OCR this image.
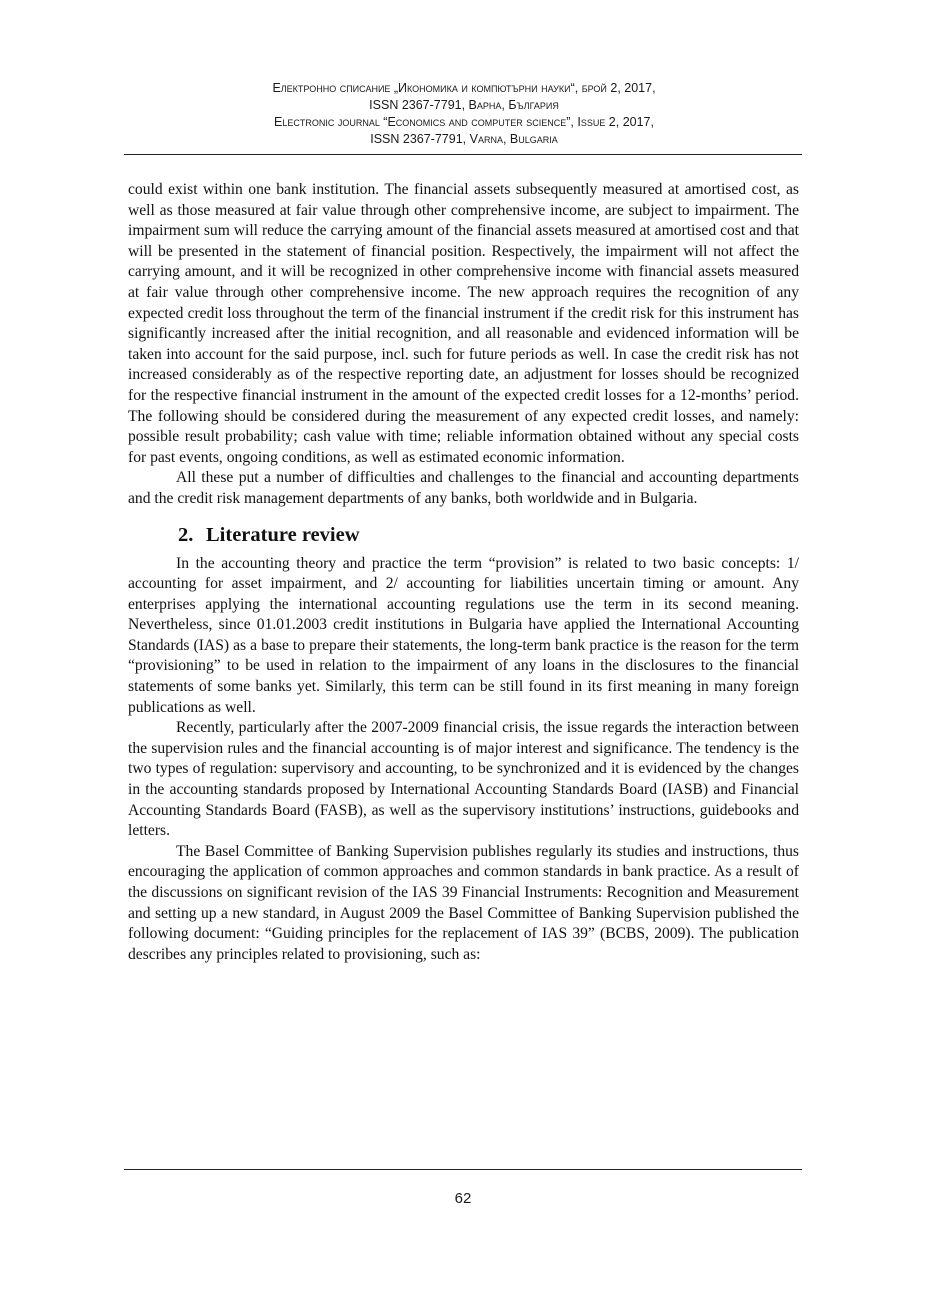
Електронно списание „Икономика и компютърни науки“, брой 2, 2017,
ISSN 2367-7791, Варна, България
Electronic journal “Economics and computer science”, Issue 2, 2017,
ISSN 2367-7791, Varna, Bulgaria

could exist within one bank institution. The financial assets subsequently measured at amortised cost, as well as those measured at fair value through other comprehensive income, are subject to impairment. The impairment sum will reduce the carrying amount of the financial assets measured at amortised cost and that will be presented in the statement of financial position. Respectively, the impairment will not affect the carrying amount, and it will be recognized in other comprehensive income with financial assets measured at fair value through other comprehensive income. The new approach requires the recognition of any expected credit loss throughout the term of the financial instrument if the credit risk for this instrument has significantly increased after the initial recognition, and all reasonable and evidenced information will be taken into account for the said purpose, incl. such for future periods as well. In case the credit risk has not increased considerably as of the respective reporting date, an adjustment for losses should be recognized for the respective financial instrument in the amount of the expected credit losses for a 12-months’ period. The following should be considered during the measurement of any expected credit losses, and namely: possible result probability; cash value with time; reliable information obtained without any special costs for past events, ongoing conditions, as well as estimated economic information.

All these put a number of difficulties and challenges to the financial and accounting departments and the credit risk management departments of any banks, both worldwide and in Bulgaria.

2. Literature review

In the accounting theory and practice the term “provision” is related to two basic concepts: 1/ accounting for asset impairment, and 2/ accounting for liabilities uncertain timing or amount. Any enterprises applying the international accounting regulations use the term in its second meaning. Nevertheless, since 01.01.2003 credit institutions in Bulgaria have applied the International Accounting Standards (IAS) as a base to prepare their statements, the long-term bank practice is the reason for the term “provisioning” to be used in relation to the impairment of any loans in the disclosures to the financial statements of some banks yet. Similarly, this term can be still found in its first meaning in many foreign publications as well.

Recently, particularly after the 2007-2009 financial crisis, the issue regards the interaction between the supervision rules and the financial accounting is of major interest and significance. The tendency is the two types of regulation: supervisory and accounting, to be synchronized and it is evidenced by the changes in the accounting standards proposed by International Accounting Standards Board (IASB) and Financial Accounting Standards Board (FASB), as well as the supervisory institutions’ instructions, guidebooks and letters.

The Basel Committee of Banking Supervision publishes regularly its studies and instructions, thus encouraging the application of common approaches and common standards in bank practice. As a result of the discussions on significant revision of the IAS 39 Financial Instruments: Recognition and Measurement and setting up a new standard, in August 2009 the Basel Committee of Banking Supervision published the following document: “Guiding principles for the replacement of IAS 39” (BCBS, 2009). The publication describes any principles related to provisioning, such as:

62
